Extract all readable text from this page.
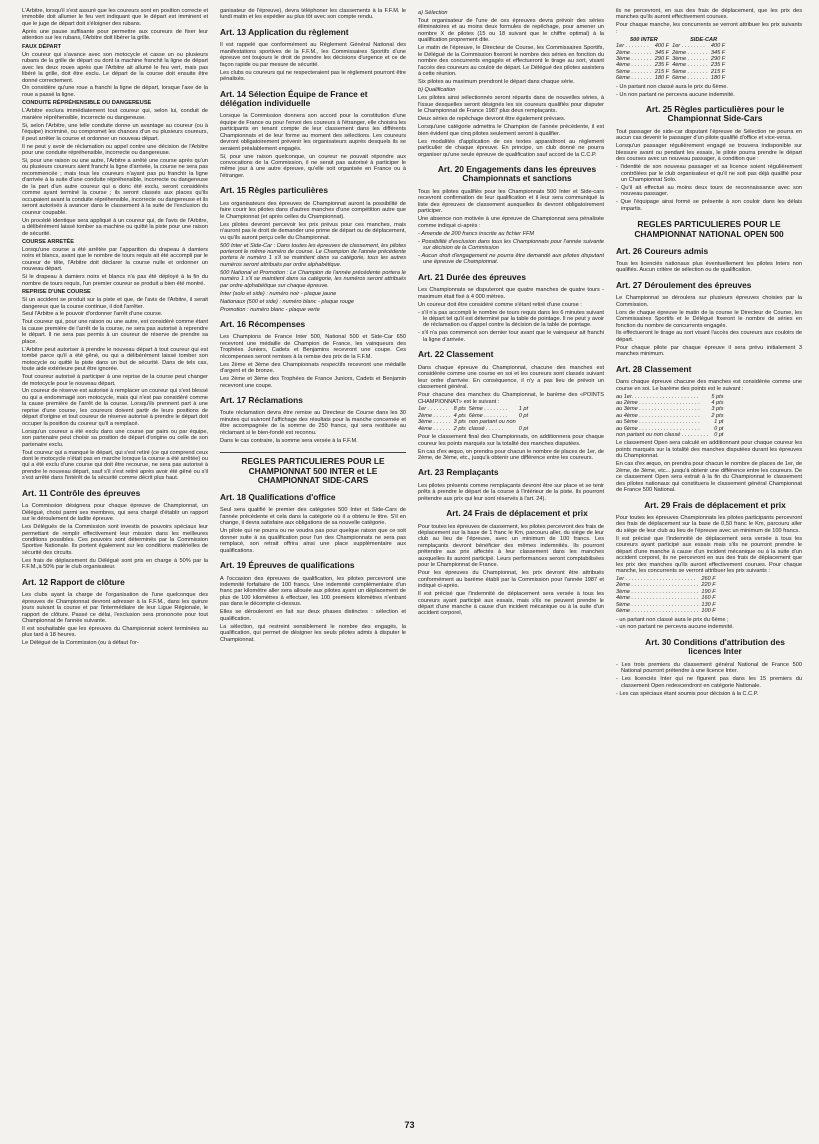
L'Arbitre, lorsqu'il s'est assuré que les coureurs sont en position correcte et immobile doit allumer le feu vert indiquant que le départ est imminent et que le juge de départ doit s'éloigner des rubans.

Après une pause suffisante pour permettre aux coureurs de fixer leur attention sur les rubans, l'Arbitre doit libérer la grille.

FAUX DÉPART

Un coureur qui s'avance avec son motocycle et casse un ou plusieurs rubans de la grille de départ ou dont la machine franchit la ligne de départ avec les deux roues après que l'Arbitre ait allumé le feu vert, mais pas libéré la grille, doit être exclu. Le départ de la course doit ensuite être donné correctement.

On considère qu'une roue a franchi la ligne de départ, lorsque l'axe de la roue a passé la ligne.

CONDUITE RÉPRÉHENSIBLE OU DANGEREUSE

L'Arbitre exclura immédiatement tout coureur qui, selon lui, conduit de manière répréhensible, incorrecte ou dangereuse.

Si, selon l'Arbitre, une telle conduite donne un avantage au coureur (ou à l'équipe) incriminé, ou compromet les chances d'un ou plusieurs coureurs, il peut arrêter la course et ordonner un nouveau départ.

Il ne peut y avoir de réclamation ou appel contre une décision de l'Arbitre pour une conduite répréhensible, incorrecte ou dangereuse.

Si, pour une raison ou une autre, l'Arbitre a arrêté une course après qu'un ou plusieurs coureurs aient franchi la ligne d'arrivée, la course ne sera pas recommencée ; mais tous les coureurs n'ayant pas pu franchir la ligne d'arrivée à la suite d'une conduite répréhensible, incorrecte ou dangereuse de la part d'un autre coureur qui a donc été exclu, seront considérés comme ayant terminé la course ; ils seront classés aux places qu'ils occupaient avant la conduite répréhensible, incorrecte ou dangereuse et ils seront autorisés à avancer dans le classement à la suite de l'exclusion du coureur coupable.

Un procédé identique sera appliqué à un coureur qui, de l'avis de l'Arbitre, a délibérément laissé tomber sa machine ou quitté la piste pour une raison de sécurité.

COURSE ARRETÉE

Lorsqu'une course a été arrêtée par l'apparition du drapeau à damiers noirs et blancs, avant que le nombre de tours requis ait été accompli par le coureur de tête, l'Arbitre doit déclarer la course nulle et ordonner un nouveau départ.

Si le drapeau à damiers noirs et blancs n'a pas été déployé à la fin du nombre de tours requis, l'un premier coureur se produit a bien été montré.

REPRISE D'UNE COURSE

Si un accident se produit sur la piste et que, de l'avis de l'Arbitre, il serait dangereux que la course continue, il doit l'arrêter.

Seul l'Arbitre a le pouvoir d'ordonner l'arrêt d'une course.

Tout coureur qui, pour une raison ou une autre, est considéré comme étant la cause première de l'arrêt de la course, ne sera pas autorisé à reprendre le départ. Il ne sera pas permis à un coureur de réserve de prendre sa place.

L'Arbitre peut autoriser à prendre le nouveau départ à tout coureur qui est tombé parce qu'il a été gêné, ou qui a délibérément laissé tomber son motocycle ou quitté la piste dans un but de sécurité. Dans de tels cas, toute aide extérieure peut être ignorée.

Tout coureur autorisé à participer à une reprise de la course peut changer de motocycle pour le nouveau départ.

Un coureur de réserve est autorisé à remplacer un coureur qui s'est blessé ou qui a endommagé son motocycle, mais qui n'est pas considéré comme la cause première de l'arrêt de la course. Lorsqu'ils prennent part à une reprise d'une course, les coureurs doivent partir de leurs positions de départ d'origine et tout coureur de réserve autorisé à prendre le départ doit occuper la position du coureur qu'il a remplacé.

Lorsqu'un coureur a été exclu dans une course par pairs ou par équipe, son partenaire peut choisir sa position de départ d'origine ou celle de son partenaire exclu.

Tout coureur qui a manqué le départ, qui s'est retiré (ce qui comprend ceux dont le motocycle n'était pas en marche lorsque la course a été arrêtée) ou qui a été exclu d'une course qui doit être recourue, ne sera pas autorisé à prendre le nouveau départ, sauf s'il s'est retiré après avoir été gêné ou s'il s'est arrêté dans l'intérêt de la sécurité comme décrit plus haut.

Art. 11 Contrôle des épreuves

La Commission désignera pour chaque épreuve de Championnat, un Délégué, choisi parmi ses membres, qui sera chargé d'établir un rapport sur le déroulement de ladite épreuve.

Les Délégués de la Commission sont investis de pouvoirs spéciaux leur permettant de remplir effectivement leur mission dans les meilleures conditions possibles. Ces pouvoirs sont déterminés par la Commission Sportive Nationale. Ils portent également sur les conditions matérielles de sécurité des circuits.

Les frais de déplacement du Délégué sont pris en charge à 50% par la F.F.M.,à 50% par le club organisateur.

Art. 12 Rapport de clôture

Les clubs ayant la charge de l'organisation de l'une quelconque des épreuves de Championnat devront adresser à la F.F.M., dans les quinze jours suivant la course et par l'intermédiaire de leur Ligue Régionale, le rapport de clôture. Passé ce délai, l'exclusion sera prononcée pour tout Championnat de l'année suivante.

Il est souhaitable que les épreuves du Championnat soient terminées au plus tard à 18 heures.

Le Délégué de la Commission (ou à défaut l'or-

ganisateur de l'épreuve), devra téléphoner les classements à la F.F.M. le lundi matin et les expédier au plus tôt avec son compte rendu.

Art. 13 Application du règlement

Il est rappelé que conformément au Règlement Général National des manifestations sportives de la F.F.M., les Commissaires Sportifs d'une épreuve ont toujours le droit de prendre les décisions d'urgence et ce de façon rapide ou par mesure de sécurité.

Les clubs ou coureurs qui ne respecteraient pas le règlement pourront être pénalisés.

Art. 14 Sélection Équipe de France et délégation individuelle

Lorsque la Commission donnera son accord pour la constitution d'une équipe de France ou pour l'envoi des coureurs à l'étranger, elle choisira les participants en tenant compte de leur classement dans les différents Championnats et de leur forme au moment des sélections. Les coureurs devront obligatoirement prévenir les organisateurs auprès desquels ils se seraient préalablement engagés.

Si, pour une raison quelconque, un coureur ne pouvait répondre aux convocations de la Commission, il ne serait pas autorisé à participer le même jour à une autre épreuve, qu'elle soit organisée en France ou à l'étranger.

Art. 15 Règles particulières

Les organisateurs des épreuves de Championnat auront la possibilité de faire courir les pilotes dans d'autres manches d'une compétition autre que le Championnat (et après celles du Championnat).

Les pilotes devront percevoir les prix prévus pour ces manches, mais n'auront pas le droit de demander une prime de départ ou de déplacement, vu qu'ils auront perçu celle du Championnat.

500 Inter et Side-Car : Dans toutes les épreuves de classement, les pilotes porteront le même numéro de course. Le Champion de l'année précédente portera le numéro 1 s'il se maintient dans sa catégorie, tous les autres numéros seront attribués par ordre alphabétique.

500 National et Promotion : Le Champion de l'année précédente portera le numéro 1 s'il se maintient dans sa catégorie, les numéros seront attribués par ordre alphabétique sur chaque épreuve.

Inter (solo et side) : numéro noir - plaque jaune

Nationaux (500 et side) : numéro blanc - plaque rouge

Promotion : numéro blanc - plaque verte

Art. 16 Récompenses

Les Champions de France Inter 500, National 500 et Side-Car 650 recevront une médaille de Champion de France, les vainqueurs des Trophées Juniors, Cadets et Benjamins recevront une coupe. Ces récompenses seront remises à la remise des prix de la F.F.M.

Les 2ème et 3ème des Championnats respectifs recevront une médaille d'argent et de bronze.

Les 2ème et 3ème des Trophées de France Juniors, Cadets et Benjamin recevront une coupe.

Art. 17 Réclamations

Toute réclamation devra être remise au Directeur de Course dans les 30 minutes qui suivront l'affichage des résultats pour la manche concernée et être accompagnée de la somme de 250 francs, qui sera restituée au réclamant si le bien-fondé est reconnu.

Dans le cas contraire, la somme sera versée à la F.F.M.

REGLES PARTICULIERES POUR LE CHAMPIONNAT 500 INTER et LE CHAMPIONNAT SIDE-CARS
Art. 18 Qualifications d'office

Seul sera qualifié le premier des catégories 500 Inter et Side-Cars de l'année précédente et cela dans la catégorie où il a obtenu le titre. S'il en change, il devra satisfaire aux obligations de sa nouvelle catégorie.

Un pilote qui ne pourra ou ne voudra pas pour quelque raison que ce soit donner suite à sa qualification pour l'un des Championnats ne sera pas remplacé, son retrait offrira ainsi une place supplémentaire aux qualifications.

Art. 19 Épreuves de qualifications

A l'occasion des épreuves de qualification, les pilotes percevront une indemnité forfaitaire de 100 francs. Une indemnité complémentaire d'un franc par kilomètre aller sera allouée aux pilotes ayant un déplacement de plus de 100 kilomètres à effectuer, les 100 premiers kilomètres n'entrant pas dans le décompte ci-dessus.

Elles se dérouleront en fait sur deux phases distinctes : sélection et qualification.

La sélection, qui restreint sensiblement le nombre des engagés, la qualification, qui permet de désigner les seuls pilotes admis à disputer le Championnat.

a) Sélection

Tout organisateur de l'une de ces épreuves devra prévoir des séries éliminatoires et au moins deux formules de repêchage, pour amener un nombre X de pilotes (15 ou 18 suivant que le chiffre optimal) à la qualification proprement dite.

Le matin de l'épreuve, le Directeur de Course, les Commissaires Sportifs, le Délégué de la Commission fixeront le nombre des séries en fonction du nombre des concurrents engagés et effectueront le tirage au sort, visant l'accès des coureurs au couloir de départ. Le Délégué des pilotes assistera à cette réunion.

Six pilotes au maximum prendront le départ dans chaque série.

b) Qualification

Les pilotes ainsi sélectionnés seront répartis dans de nouvelles séries, à l'issue desquelles seront désignés les six coureurs qualifiés pour disputer le Championnat de France 1987 plus deux remplaçants.

Deux séries de repêchage devront être également prévues.

Lorsqu'une catégorie admettra le Champion de l'année précédente, il est bien évident que cinq pilotes seulement seront à qualifier.

Les modalités d'application de ces textes apparaîtront au règlement particulier de chaque épreuve. En principe, un club donné ne pourra organiser qu'une seule épreuve de qualification sauf accord de la C.C.P.

Art. 20 Engagements dans les épreuves Championnats et sanctions

Tous les pilotes qualifiés pour les Championnats 500 Inter et Side-cars recevront confirmation de leur qualification et il leur sera communiqué la liste des épreuves de classement auxquelles ils devront obligatoirement participer.

Une absence non motivée à une épreuve de Championnat sera pénalisée comme indiqué ci-après :

- Amende de 200 francs inscrite au fichier FFM

- Possibilité d'exclusion dans tous les Championnats pour l'année suivante sur décision de la Commission

- Aucun droit d'engagement ne pourra être demandé aux pilotes disputant une épreuve de Championnat.

Art. 21 Durée des épreuves

Les Championnats se disputeront que quatre manches de quatre tours - maximum était fixé à 4 000 mètres.

Un coureur doit être considéré comme s'étant retiré d'une course :

- s'il n'a pas accompli le nombre de tours requis dans les 6 minutes suivant le départ tel qu'il est déterminé par la table de pointage. Il ne peut y avoir de réclamation ou d'appel contre la décision de la table de pointage.

- s'il n'a pas commencé son dernier tour avant que le vainqueur ait franchi la ligne d'arrivée.

Art. 22 Classement

Dans chaque épreuve du Championnat, chacune des manches est considérée comme une course en soi et les coureurs sont classés suivant leur ordre d'arrivée. En conséquence, il n'y a pas lieu de prévoir un classement général.

Pour chacune des manches du Championnat, le barème des «POINTS CHAMPIONNAT» est le suivant :

1er . . . . . . .	8 pts	5ème . . . . . . . .	1 pt
2ème . . . . . .	4 pts	6ème . . . . . . . .	0 pt
3ème . . . . . .	3 pts	non partant ou non	
4ème . . . . . .	2 pts	classé . . . . . .	0 pt

Pour le classement final des Championnats, on additionnera pour chaque coureur les points marqués sur la totalité des manches disputées.

En cas d'ex æquo, on prendra pour chacun le nombre de places de 1er, de 2ème, de 3ème, etc., jusqu'à obtenir une différence entre les coureurs.

Art. 23 Remplaçants

Les pilotes présents comme remplaçants devront être sur place et se tenir prêts à prendre le départ de la course à l'intérieur de la piste. Ils pourront prétendre aux prix qui leur sont réservés à l'art. 24).

Art. 24 Frais de déplacement et prix

Pour toutes les épreuves de classement, les pilotes percevront des frais de déplacement sur la base de 1 franc le Km, parcouru aller, du siège de leur club au lieu de l'épreuve, avec un minimum de 100 francs. Les remplaçants devront bénéficier des mêmes indemnités. Ils pourront prétendre aux prix affectés à leur classement dans les manches auxquelles ils auront participé. Leurs performances seront comptabilisées pour le Championnat de France.

Pour les épreuves du Championnat, les prix devront être attribués conformément au barème établi par la Commission pour l'année 1987 et indiqué ci-après.

Il est précisé que l'indemnité de déplacement sera versée à tous les coureurs ayant participé aux essais, mais s'ils ne peuvent prendre le départ d'une manche à cause d'un incident mécanique ou à la suite d'un accident corporel,

ils ne percevront, en sus des frais de déplacement, que les prix des manches qu'ils auront effectivement courues.

Pour chaque manche, les concurrents se verront attribuer les prix suivants :

500 INTER		SIDE-CAR	
1er . . . . . . . .	400 F	1er . . . . . . . .	400 F
2ème . . . . . . .	345 F	2ème . . . . . . .	345 F
3ème . . . . . . .	290 F	3ème . . . . . . .	290 F
4ème . . . . . . .	235 F	4ème . . . . . . .	235 F
5ème . . . . . . .	215 F	5ème . . . . . . .	215 F
6ème . . . . . . .	180 F	6ème . . . . . . .	180 F

- Un partant non classé aura le prix du 6ème.

- Un non partant ne percevra aucune indemnité.

Art. 25 Règles particulières pour le Championnat Side-Cars

Tout passager de side-car disputant l'épreuve de Sélection ne pourra en aucun cas devenir le passager d'un pilote qualifié d'office et vice-versa.

Lorsqu'un passager régulièrement engagé se trouvera indisponible sur blessure avant ou pendant les essais, le pilote pourra prendre le départ des courses avec un nouveau passager, à condition que :

- l'identité de son nouveau passager et sa licence soient régulièrement contrôlées par le club organisateur et qu'il ne soit pas déjà qualifié pour un Championnat Solo.

- Qu'il ait effectué au moins deux tours de reconnaissance avec son nouveau passager.

- Que l'équipage ainsi formé se présente à son couloir dans les délais impartis.

REGLES PARTICULIERES POUR LE CHAMPIONNAT NATIONAL OPEN 500
Art. 26 Coureurs admis

Tous les licenciés nationaux plus éventuellement les pilotes Inters non qualifiés. Aucun critère de sélection ou de qualification.

Art. 27 Déroulement des épreuves

Le Championnat se déroulera sur plusieurs épreuves choisies par la Commission.

Lors de chaque épreuve le matin de la course le Directeur de Course, les Commissaires Sportifs et le Délégué fixeront le nombre de séries en fonction du nombre de concurrents engagés.

Ils effectueront le tirage au sort visant l'accès des coureurs aux couloirs de départ.

Pour chaque pilote par chaque épreuve il sera prévu initialement 3 manches minimum.

Art. 28 Classement

Dans chaque épreuve chacune des manches est considérée comme une course en soi. Le barème des points est le suivant :

au 1er. . . . . . . . . . . . . . . . . . . . . .	5 pts
au 2ème . . . . . . . . . . . . . . . . . . . .	4 pts
au 3ème . . . . . . . . . . . . . . . . . . . .	3 pts
au 4ème . . . . . . . . . . . . . . . . . . . .	2 pts
au 5ème . . . . . . . . . . . . . . . . . . . .	1 pt
au 6ème . . . . . . . . . . . . . . . . . . . .	0 pt
non partant ou non classé . . . . . . . . .	0 pt

Le classement Open sera calculé en additionnant pour chaque coureur les points marqués sur la totalité des manches disputées durant les épreuves du Championnat.

En cas d'ex æquo, on prendra pour chacun le nombre de places de 1er, de 2ème, de 3ème, etc... jusqu'à obtenir une différence entre les coureurs. De ce classement Open sera extrait à la fin du Championnat le classement des pilotes nationaux qui constituera le classement général Championnat de France 500 National.

Art. 29 Frais de déplacement et prix

Pour toutes les épreuves Championnats les pilotes participants percevront des frais de déplacement sur la base de 0,50 franc le Km, parcouru aller du siège de leur club au lieu de l'épreuve avec un minimum de 100 francs.

Il est précisé que l'indemnité de déplacement sera versée à tous les coureurs ayant participé aux essais mais s'ils ne pourront prendre le départ d'une manche à cause d'un incident mécanique ou à la suite d'un accident corporel, ils ne percevront en sus des frais de déplacement que les prix des manches qu'ils auront effectivement courues. Pour chaque manche, les concurrents se verront attribuer les prix suivants :

1er . . . . . . . . . . . . . . . . . . . . . . .	260 F
2ème . . . . . . . . . . . . . . . . . . . . . .	220 F
3ème . . . . . . . . . . . . . . . . . . . . . .	190 F
4ème . . . . . . . . . . . . . . . . . . . . . .	160 F
5ème . . . . . . . . . . . . . . . . . . . . . .	130 F
6ème . . . . . . . . . . . . . . . . . . . . . .	100 F

- un partant non classé aura le prix du 6ème ;

- un non partant ne percevra aucune indemnité.

Art. 30 Conditions d'attribution des licences Inter

- Les trois premiers du classement général National de France 500 National pourront prétendre à une licence Inter.

- Les licenciés Inter qui ne figurent pas dans les 15 premiers du classement Open redescendront en catégorie Nationale.

- Les cas spéciaux étant soumis pour décision à la C.C.P.

73
